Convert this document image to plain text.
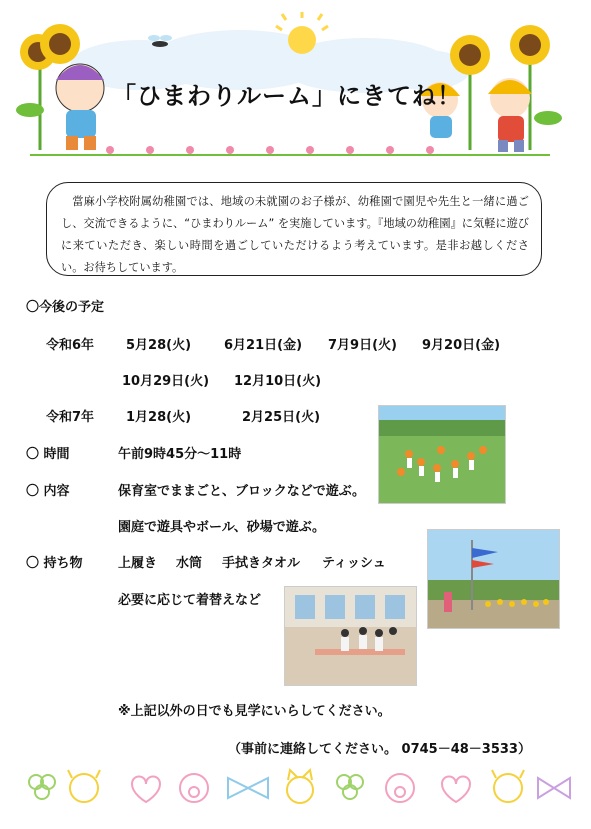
「ひまわりルーム」にきてね！
當麻小学校附属幼稚園では、地域の未就園のお子様が、幼稚園で園児や先生と一緒に過ごし、交流できるように、“ひまわりルーム” を実施しています。『地域の幼稚園』に気軽に遊びに来ていただき、楽しい時間を過ごしていただけるよう考えています。是非お越しください。お待ちしています。
〇今後の予定
令和6年 5月28(火)	6月21日(金) 7月9日(火) 9月20日(金)
10月29日(火) 12月10日(火)
令和7年 1月28(火)	2月25日(火)
〇 時間	午前9時45分～11時
〇 内容	保育室でままごと、ブロックなどで遊ぶ。
園庭で遊具やボール、砂場で遊ぶ。
〇 持ち物	上履き 水筒 手拭きタオル ティッシュ
必要に応じて着替えなど
※上記以外の日でも見学にいらしてください。
（事前に連絡してください。 0745－48－3533）
